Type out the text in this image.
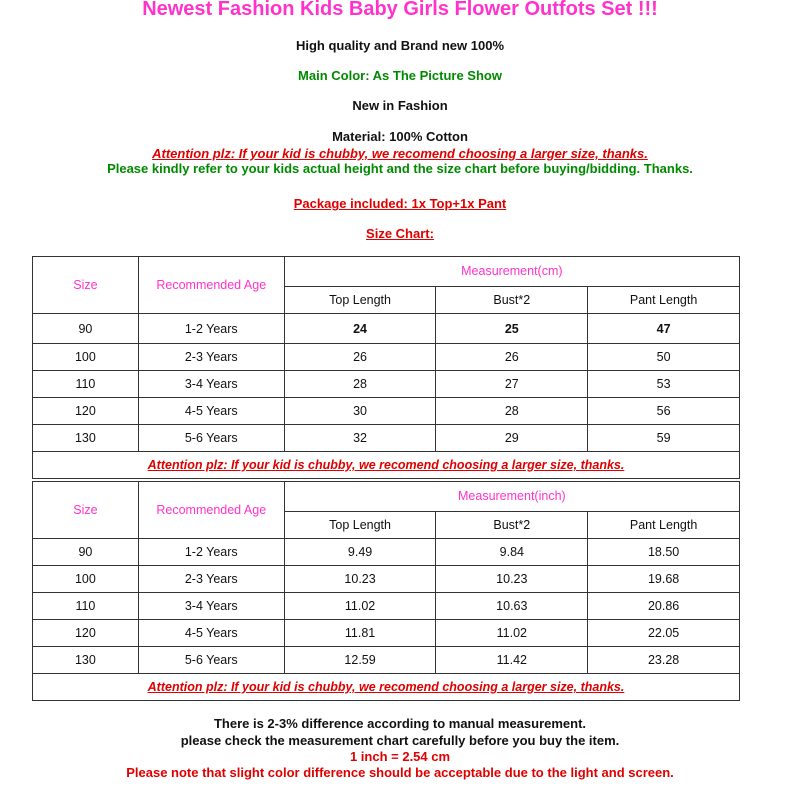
Newest Fashion Kids Baby Girls Flower Outfots Set !!!

High quality and Brand new 100%

Main Color: As The Picture Show

New in Fashion

Material: 100% Cotton

Attention plz: If your kid is chubby, we recomend choosing a larger size, thanks.

Please kindly refer to your kids actual height and the size chart before buying/bidding. Thanks.

Package included: 1x Top+1x Pant

Size Chart:

Size	Recommended Age	Measurement(cm)		
		Top Length	Bust*2	Pant Length
90	1-2 Years	24	25	47
100	2-3 Years	26	26	50
110	3-4 Years	28	27	53
120	4-5 Years	30	28	56
130	5-6 Years	32	29	59
Attention plz: If your kid is chubby, we recomend choosing a larger size, thanks.				
Size	Recommended Age	Measurement(inch)		
		Top Length	Bust*2	Pant Length
90	1-2 Years	9.49	9.84	18.50
100	2-3 Years	10.23	10.23	19.68
110	3-4 Years	11.02	10.63	20.86
120	4-5 Years	11.81	11.02	22.05
130	5-6 Years	12.59	11.42	23.28
Attention plz: If your kid is chubby, we recomend choosing a larger size, thanks.				
There is 2-3% difference according to manual measurement.
please check the measurement chart carefully before you buy the item.
1 inch = 2.54 cm
Please note that slight color difference should be acceptable due to the light and screen.
